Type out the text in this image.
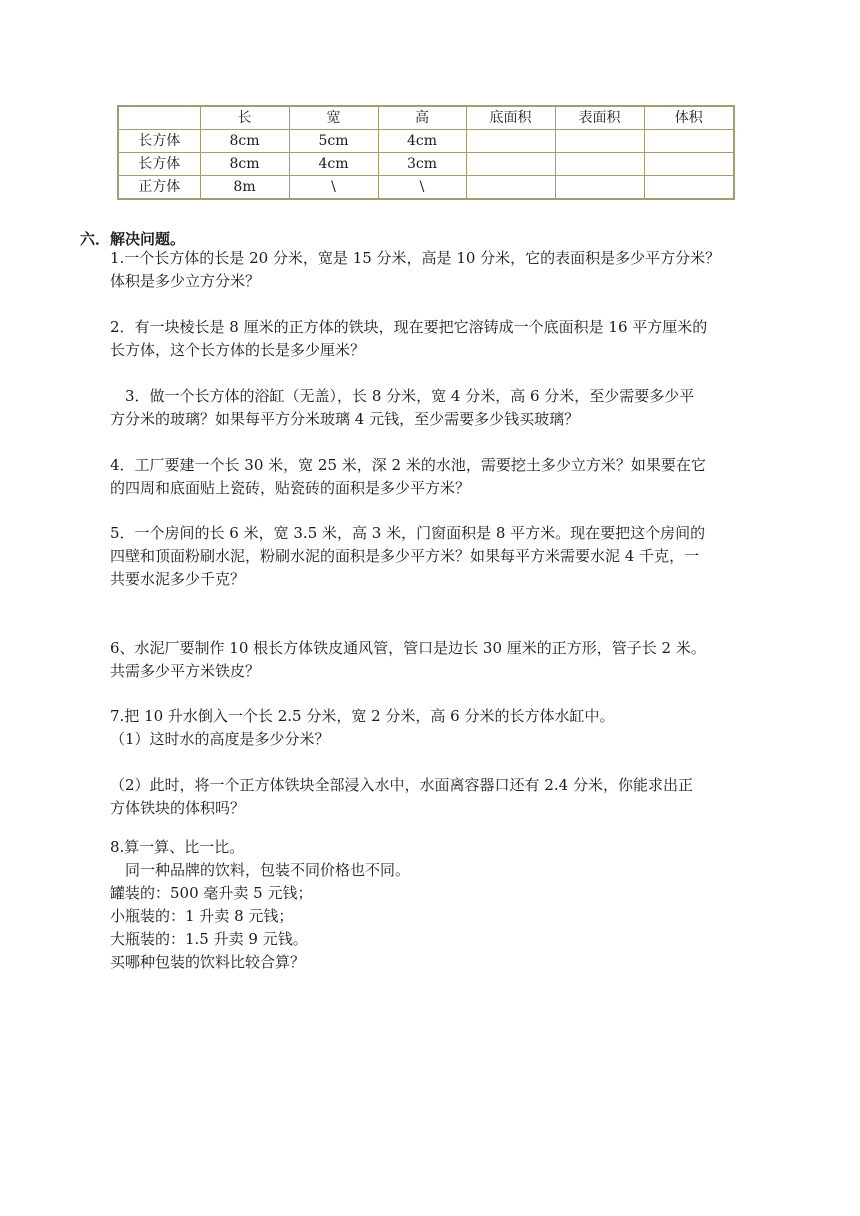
	长	宽	高	底面积	表面积	体积
长方体	8cm	5cm	4cm			
长方体	8cm	4cm	3cm			
正方体	8m	\	\			
六．解决问题。

1.一个长方体的长是 20 分米，宽是 15 分米，高是 10 分米，它的表面积是多少平方分米？
体积是多少立方分米？

2．有一块棱长是 8 厘米的正方体的铁块，现在要把它溶铸成一个底面积是 16 平方厘米的
长方体，这个长方体的长是多少厘米？

　3．做一个长方体的浴缸（无盖），长 8 分米，宽 4 分米，高 6 分米，至少需要多少平
方分米的玻璃？如果每平方分米玻璃 4 元钱，至少需要多少钱买玻璃？

4．工厂要建一个长 30 米，宽 25 米，深 2 米的水池，需要挖土多少立方米？如果要在它
的四周和底面贴上瓷砖，贴瓷砖的面积是多少平方米？

5．一个房间的长 6 米，宽 3.5 米，高 3 米，门窗面积是 8 平方米。现在要把这个房间的
四壁和顶面粉刷水泥，粉刷水泥的面积是多少平方米？如果每平方米需要水泥 4 千克，一
共要水泥多少千克？

6、水泥厂要制作 10 根长方体铁皮通风管，管口是边长 30 厘米的正方形，管子长 2 米。
共需多少平方米铁皮？

7.把 10 升水倒入一个长 2.5 分米，宽 2 分米，高 6 分米的长方体水缸中。
（1）这时水的高度是多少分米？

（2）此时，将一个正方体铁块全部浸入水中，水面离容器口还有 2.4 分米，你能求出正
方体铁块的体积吗？

8.算一算、比一比。
　同一种品牌的饮料，包装不同价格也不同。
罐装的：500 毫升卖 5 元钱；
小瓶装的：1 升卖 8 元钱；
大瓶装的：1.5 升卖 9 元钱。
买哪种包装的饮料比较合算？
